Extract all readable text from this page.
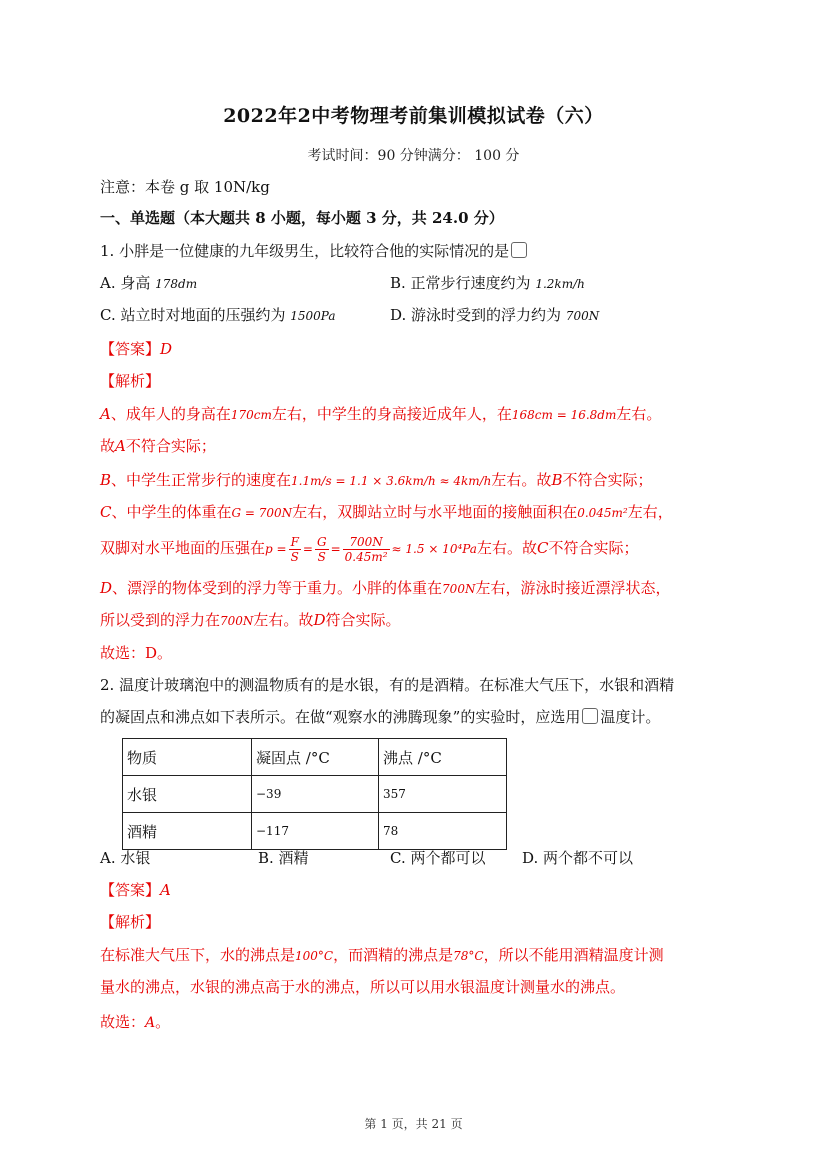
2022年2中考物理考前集训模拟试卷（六）
考试时间：90 分钟满分： 100 分
注意：本卷 g 取 10N/kg
一、单选题（本大题共 8 小题，每小题 3 分，共 24.0 分）
1. 小胖是一位健康的九年级男生，比较符合他的实际情况的是
A. 身高 178dm	B. 正常步行速度约为 1.2km/h
C. 站立时对地面的压强约为 1500Pa	D. 游泳时受到的浮力约为 700N
【答案】D
【解析】
A、成年人的身高在170cm左右，中学生的身高接近成年人，在168cm = 16.8dm左右。
故A不符合实际；
B、中学生正常步行的速度在1.1m/s = 1.1 × 3.6km/h ≈ 4km/h左右。故B不符合实际；
C、中学生的体重在G = 700N左右，双脚站立时与水平地面的接触面积在0.045m²左右，
双脚对水平地面的压强在$p = \frac{F}{S} = \frac{G}{S} = \frac{700N}{\text{0.45m²}} \approx 1.5 \times 10^4Pa$左右。故C不符合实际；
D、漂浮的物体受到的浮力等于重力。小胖的体重在700N左右，游泳时接近漂浮状态，
所以受到的浮力在700N左右。故D符合实际。
故选：D。
2. 温度计玻璃泡中的测温物质有的是水银，有的是酒精。在标准大气压下，水银和酒精
的凝固点和沸点如下表所示。在做“观察水的沸腾现象”的实验时，应选用 温度计。
物质	凝固点 /°C	沸点 /°C
水银	−39	357
酒精	−117	78
A. 水银	B. 酒精	C. 两个都可以 D. 两个都不可以
【答案】A
【解析】
在标准大气压下，水的沸点是100°C，而酒精的沸点是78°C，所以不能用酒精温度计测
量水的沸点，水银的沸点高于水的沸点，所以可以用水银温度计测量水的沸点。
故选：A。
第 1 页，共 21 页
